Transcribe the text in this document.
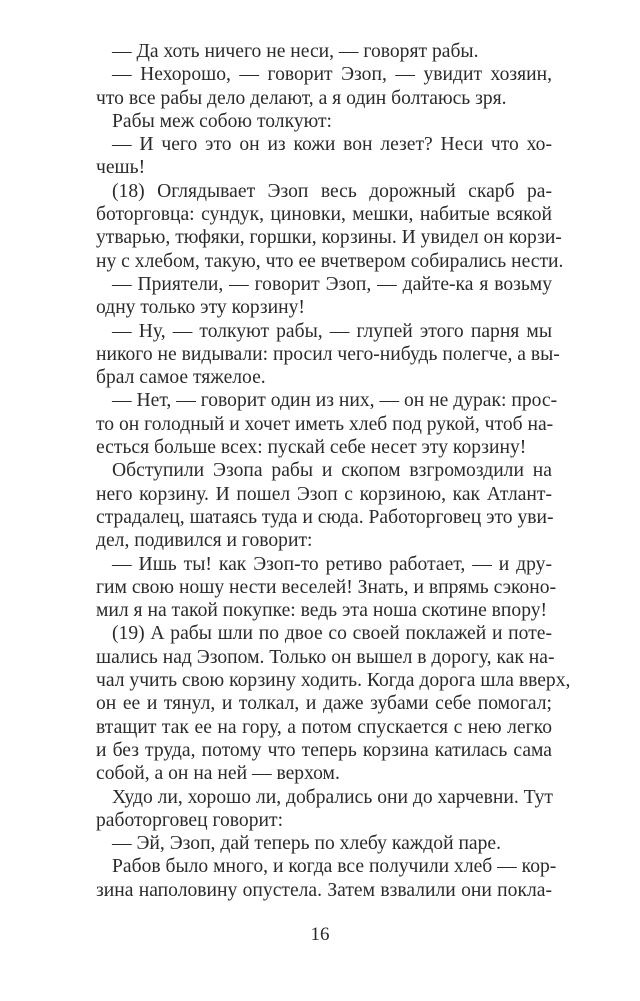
— Да хоть ничего не неси, — говорят рабы.
— Нехорошо, — говорит Эзоп, — увидит хозяин,
что все рабы дело делают, а я один болтаюсь зря.
Рабы меж собою толкуют:
— И чего это он из кожи вон лезет? Неси что хо-
чешь!
(18) Оглядывает Эзоп весь дорожный скарб ра-
боторговца: сундук, циновки, мешки, набитые всякой
утварью, тюфяки, горшки, корзины. И увидел он корзи-
ну с хлебом, такую, что ее вчетвером собирались нести.
— Приятели, — говорит Эзоп, — дайте-ка я возьму
одну только эту корзину!
— Ну, — толкуют рабы, — глупей этого парня мы
никого не видывали: просил чего-нибудь полегче, а вы-
брал самое тяжелое.
— Нет, — говорит один из них, — он не дурак: прос-
то он голодный и хочет иметь хлеб под рукой, чтоб на-
есться больше всех: пускай себе несет эту корзину!
Обступили Эзопа рабы и скопом взгромоздили на
него корзину. И пошел Эзоп с корзиною, как Атлант-
страдалец, шатаясь туда и сюда. Работорговец это уви-
дел, подивился и говорит:
— Ишь ты! как Эзоп-то ретиво работает, — и дру-
гим свою ношу нести веселей! Знать, и впрямь сэконо-
мил я на такой покупке: ведь эта ноша скотине впору!
(19) А рабы шли по двое со своей поклажей и поте-
шались над Эзопом. Только он вышел в дорогу, как на-
чал учить свою корзину ходить. Когда дорога шла вверх,
он ее и тянул, и толкал, и даже зубами себе помогал;
втащит так ее на гору, а потом спускается с нею легко
и без труда, потому что теперь корзина катилась сама
собой, а он на ней — верхом.
Худо ли, хорошо ли, добрались они до харчевни. Тут
работорговец говорит:
— Эй, Эзоп, дай теперь по хлебу каждой паре.
Рабов было много, и когда все получили хлеб — кор-
зина наполовину опустела. Затем взвалили они покла-
16
